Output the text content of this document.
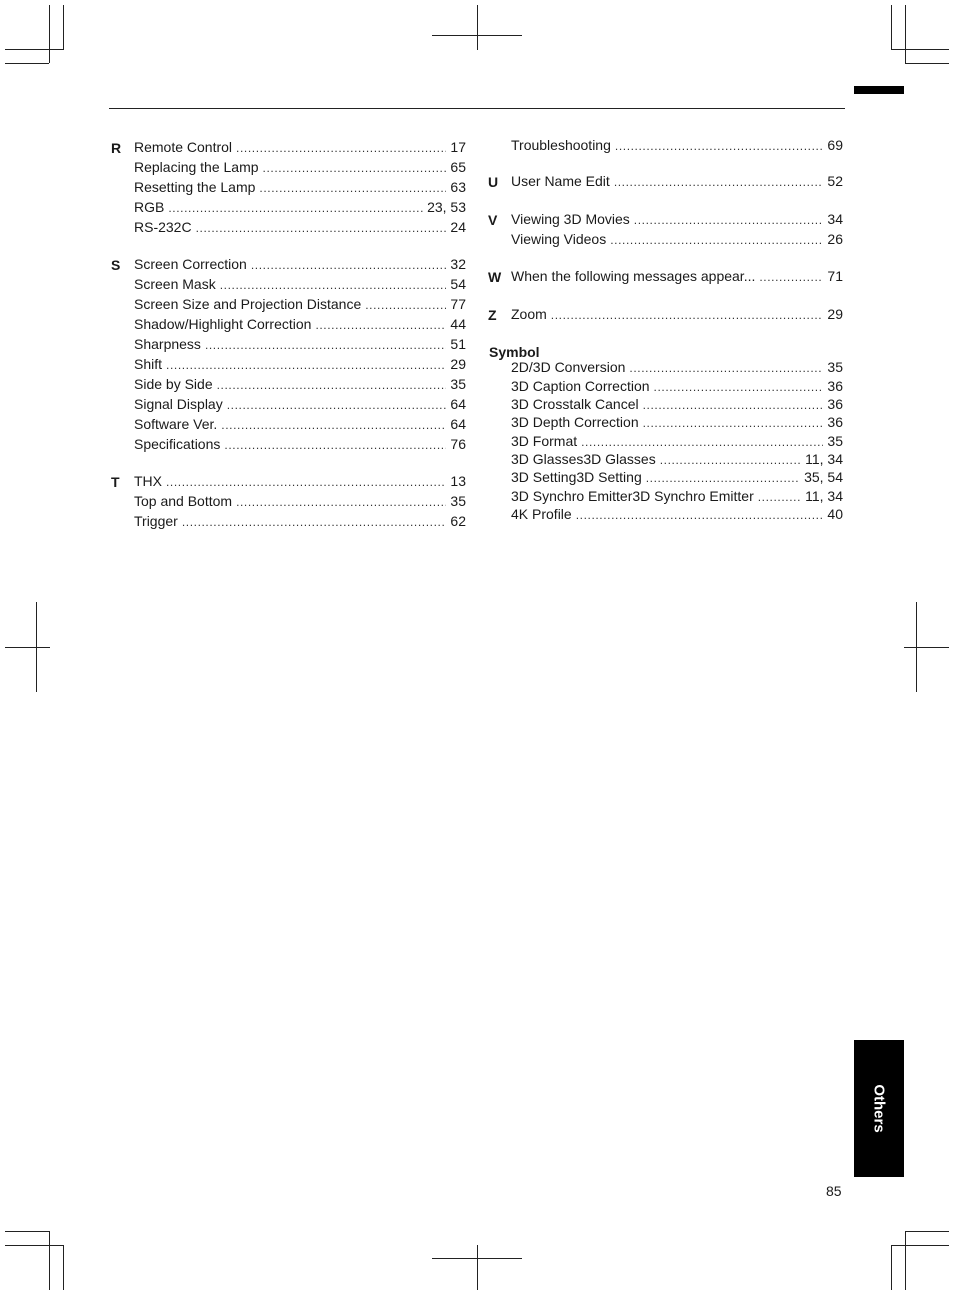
R Remote Control .....	17
Replacing the Lamp .....	65
Resetting the Lamp .....	63
RGB .....	23, 53
RS-232C .....	24
S Screen Correction .....	32
Screen Mask .....	54
Screen Size and Projection Distance .....	77
Shadow/Highlight Correction .....	44
Sharpness .....	51
Shift .....	29
Side by Side .....	35
Signal Display .....	64
Software Ver. .....	64
Specifications .....	76
T THX .....	13
Top and Bottom .....	35
Trigger .....	62
Troubleshooting .....	69
U User Name Edit .....	52
V Viewing 3D Movies .....	34
Viewing Videos .....	26
W When the following messages appear... .....	71
Z Zoom .....	29
Symbol
2D/3D Conversion .....	35
3D Caption Correction .....	36
3D Crosstalk Cancel .....	36
3D Depth Correction .....	36
3D Format .....	35
3D Glasses3D Glasses .....	11, 34
3D Setting3D Setting .....	35, 54
3D Synchro Emitter3D Synchro Emitter .....	11, 34
4K Profile .....	40
Others
85
